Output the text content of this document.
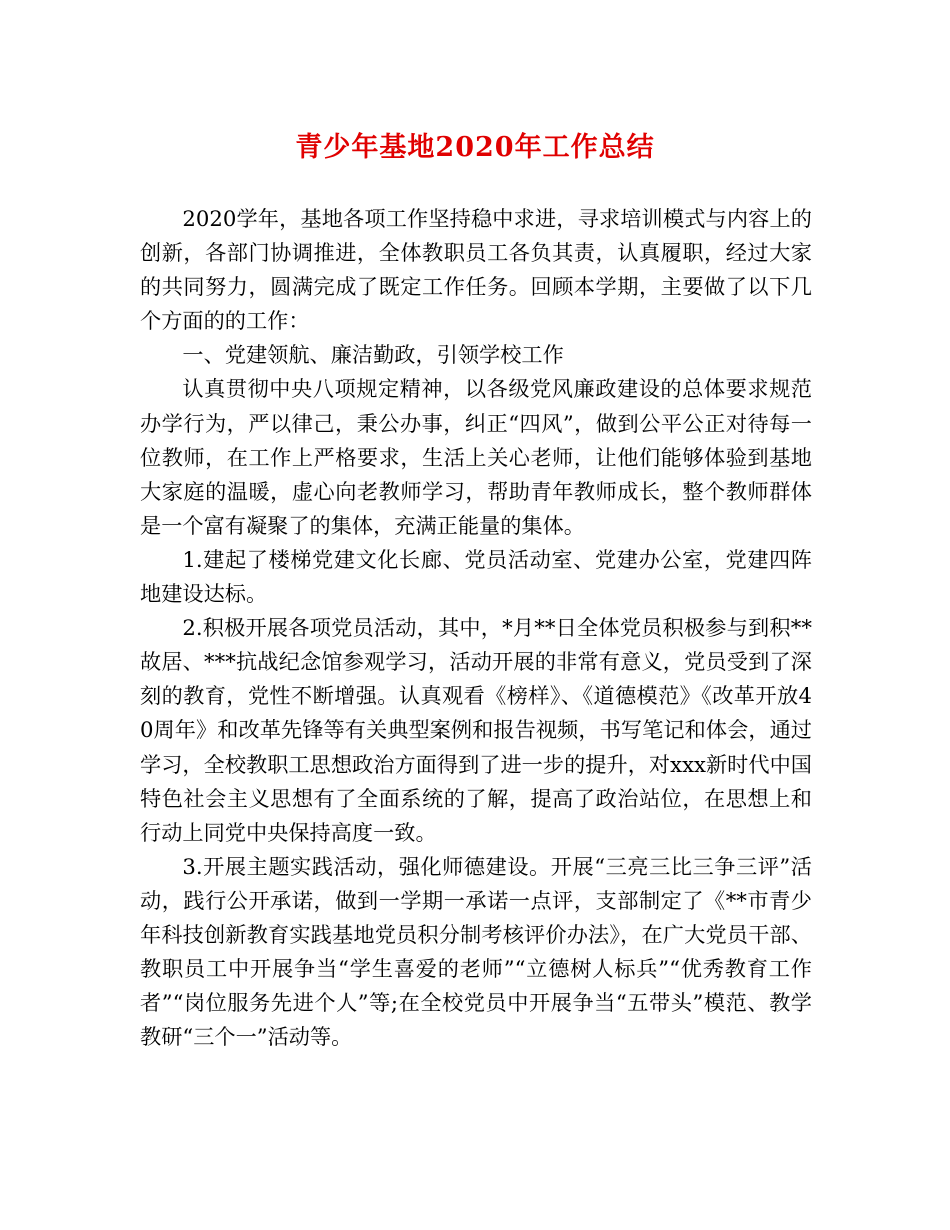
青少年基地2020年工作总结

2020学年，基地各项工作坚持稳中求进，寻求培训模式与内容上的创新，各部门协调推进，全体教职员工各负其责，认真履职，经过大家的共同努力，圆满完成了既定工作任务。回顾本学期，主要做了以下几个方面的的工作：

一、党建领航、廉洁勤政，引领学校工作

认真贯彻中央八项规定精神，以各级党风廉政建设的总体要求规范办学行为，严以律己，秉公办事，纠正“四风”，做到公平公正对待每一位教师，在工作上严格要求，生活上关心老师，让他们能够体验到基地大家庭的温暖，虚心向老教师学习，帮助青年教师成长，整个教师群体是一个富有凝聚了的集体，充满正能量的集体。

1.建起了楼梯党建文化长廊、党员活动室、党建办公室，党建四阵地建设达标。

2.积极开展各项党员活动，其中，*月**日全体党员积极参与到积**故居、***抗战纪念馆参观学习，活动开展的非常有意义，党员受到了深刻的教育，党性不断增强。认真观看《榜样》、《道德模范》《改革开放40周年》和改革先锋等有关典型案例和报告视频，书写笔记和体会，通过学习，全校教职工思想政治方面得到了进一步的提升，对xxx新时代中国特色社会主义思想有了全面系统的了解，提高了政治站位，在思想上和行动上同党中央保持高度一致。

3.开展主题实践活动，强化师德建设。开展“三亮三比三争三评”活动，践行公开承诺，做到一学期一承诺一点评，支部制定了《**市青少年科技创新教育实践基地党员积分制考核评价办法》，在广大党员干部、教职员工中开展争当“学生喜爱的老师”“立德树人标兵”“优秀教育工作者”“岗位服务先进个人”等;在全校党员中开展争当“五带头”模范、教学教研“三个一”活动等。
